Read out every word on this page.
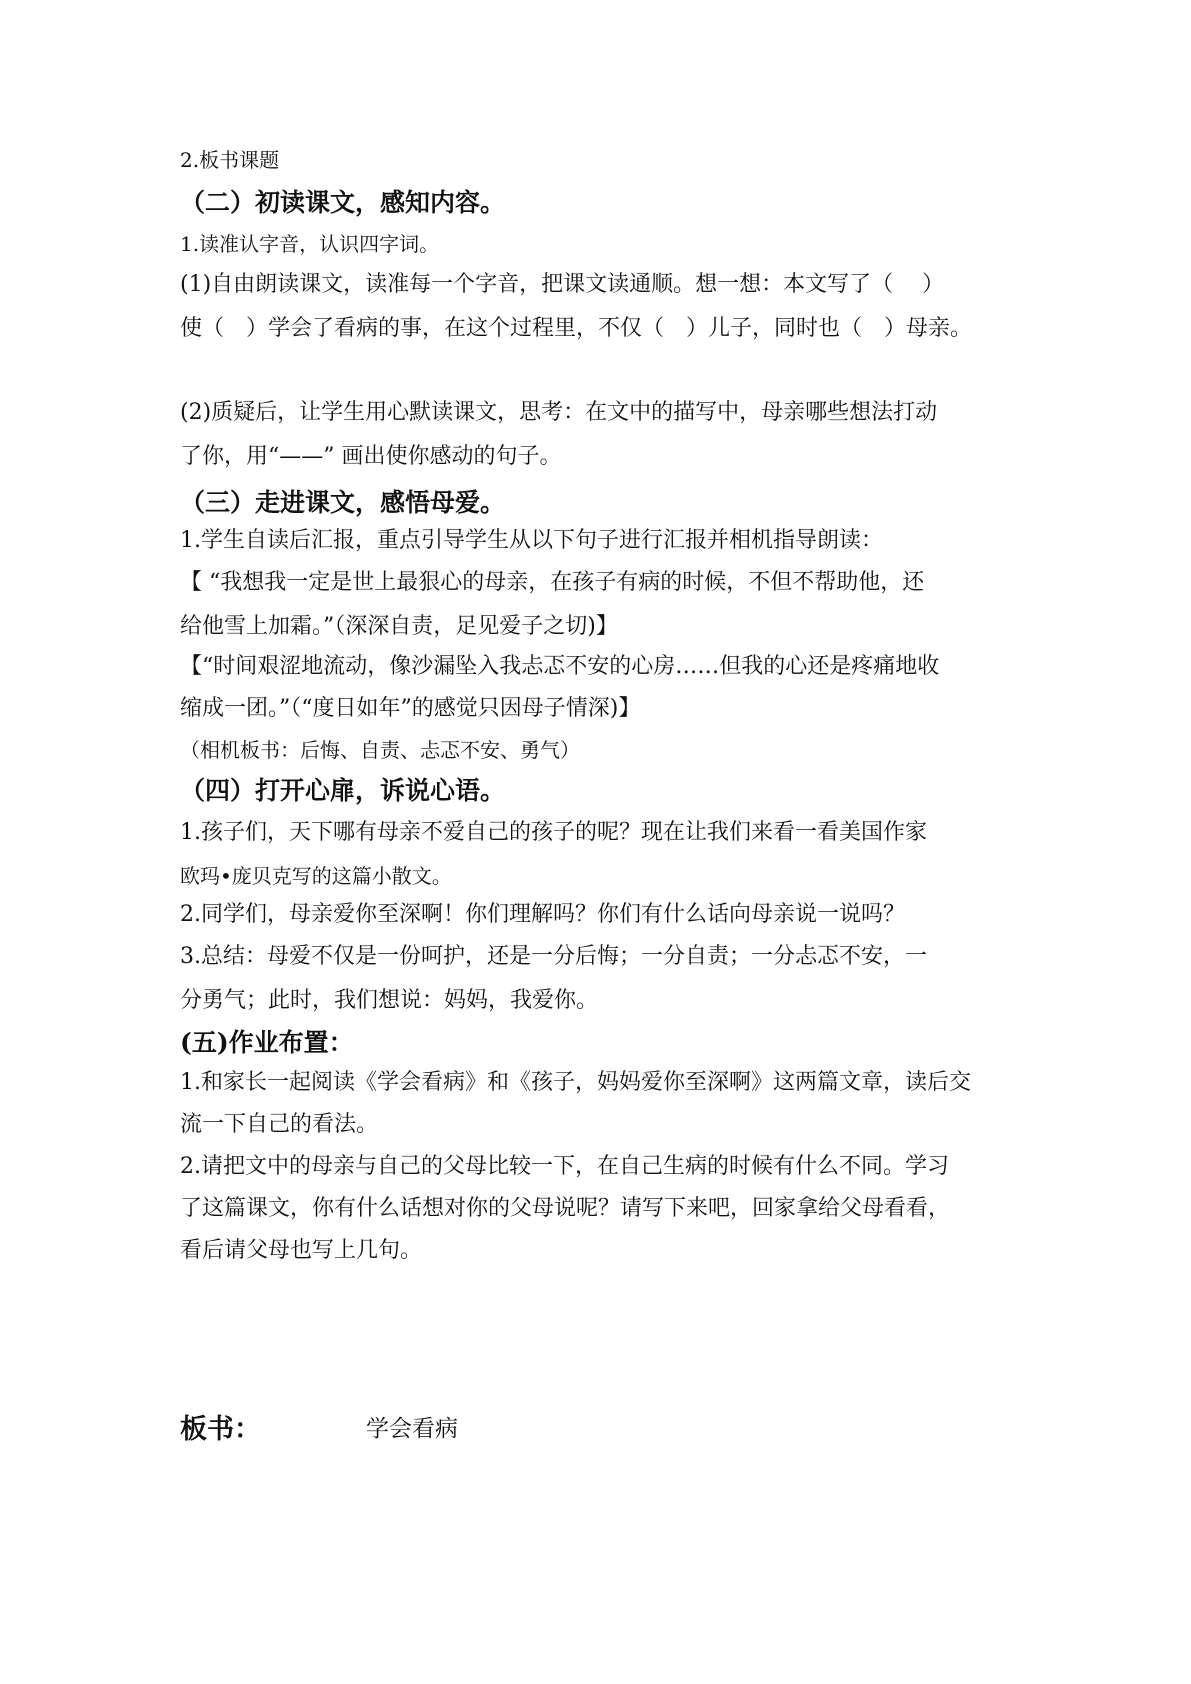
2.板书课题
（二）初读课文，感知内容。
1.读准认字音，认识四字词。
(1)自由朗读课文，读准每一个字音，把课文读通顺。想一想：本文写了（　 ）
使（　）学会了看病的事，在这个过程里，不仅（　）儿子，同时也（　）母亲。
(2)质疑后，让学生用心默读课文，思考：在文中的描写中，母亲哪些想法打动
了你，用“——” 画出使你感动的句子。
（三）走进课文，感悟母爱。
1.学生自读后汇报，重点引导学生从以下句子进行汇报并相机指导朗读：
【 “我想我一定是世上最狠心的母亲，在孩子有病的时候，不但不帮助他，还
给他雪上加霜。”（深深自责，足见爱子之切)】
【“时间艰涩地流动，像沙漏坠入我忐忑不安的心房……但我的心还是疼痛地收
缩成一团。”（“度日如年”的感觉只因母子情深)】
（相机板书：后悔、自责、忐忑不安、勇气）
（四）打开心扉，诉说心语。
1.孩子们，天下哪有母亲不爱自己的孩子的呢？现在让我们来看一看美国作家
欧玛•庞贝克写的这篇小散文。
2.同学们，母亲爱你至深啊！你们理解吗？你们有什么话向母亲说一说吗？
3.总结：母爱不仅是一份呵护，还是一分后悔；一分自责；一分忐忑不安，一
分勇气；此时，我们想说：妈妈，我爱你。
(五)作业布置：
1.和家长一起阅读《学会看病》和《孩子，妈妈爱你至深啊》这两篇文章，读后交
流一下自己的看法。
2.请把文中的母亲与自己的父母比较一下，在自己生病的时候有什么不同。学习
了这篇课文，你有什么话想对你的父母说呢？请写下来吧，回家拿给父母看看，
看后请父母也写上几句。
板书：	学会看病
